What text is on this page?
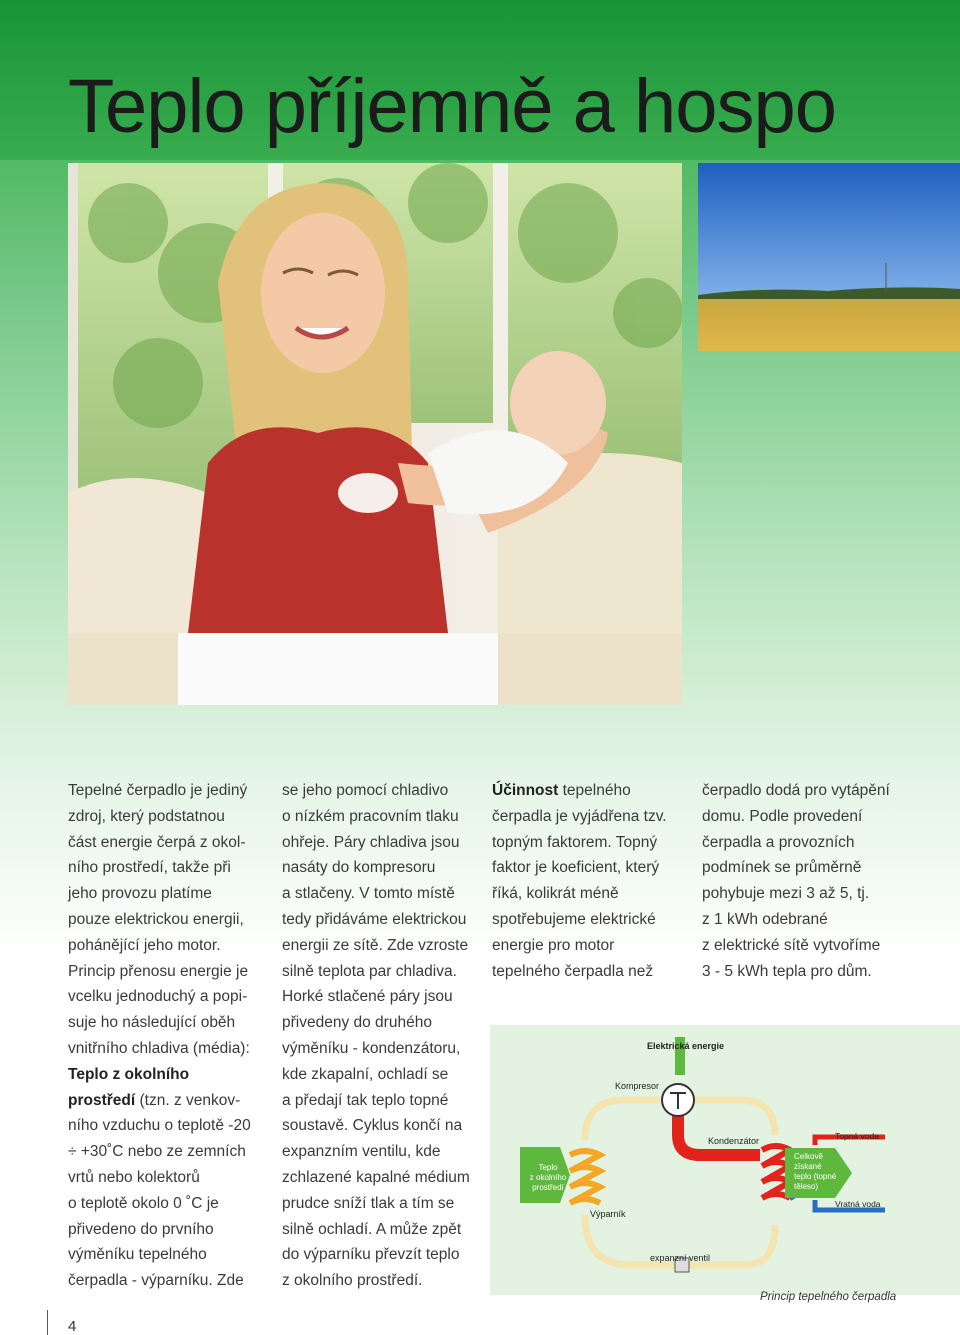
Teplo příjemně a hospo

Tepelné čerpadlo je jediný

zdroj, který podstatnou

část energie čerpá z okol-

ního prostředí, takže při

jeho provozu platíme

pouze elektrickou energii,

pohánějící jeho motor.

Princip přenosu energie je

vcelku jednoduchý a popi-

suje ho následující oběh

vnitřního chladiva (média):

Teplo z okolního

prostředí (tzn. z venkov-

ního vzduchu o teplotě -20

÷ +30˚C nebo ze zemních

vrtů nebo kolektorů

o teplotě okolo 0 ˚C je

přivedeno do prvního

výměníku tepelného

čerpadla - výparníku. Zde

se jeho pomocí chladivo

o nízkém pracovním tlaku

ohřeje. Páry chladiva jsou

nasáty do kompresoru

a stlačeny. V tomto místě

tedy přidáváme elektrickou

energii ze sítě. Zde vzroste

silně teplota par chladiva.

Horké stlačené páry jsou

přivedeny do druhého

výměníku - kondenzátoru,

kde zkapalní, ochladí se

a předají tak teplo topné

soustavě. Cyklus končí na

expanzním ventilu, kde

zchlazené kapalné médium

prudce sníží tlak a tím se

silně ochladí. A může zpět

do výparníku převzít teplo

z okolního prostředí.

Účinnost tepelného

čerpadla je vyjádřena tzv.

topným faktorem. Topný

faktor je koeficient, který

říká, kolikrát méně

spotřebujeme elektrické

energie pro motor

tepelného čerpadla než

čerpadlo dodá pro vytápění

domu. Podle provedení

čerpadla a provozních

podmínek se průměrně

pohybuje mezi 3 až 5, tj.

z 1 kWh odebrané

z elektrické sítě vytvoříme

3 - 5 kWh tepla pro dům.

Elektrická energie
Kompresor
Teplo
z okolního
prostředí
Výparník
Kondenzátor	Topná voda
Vratná voda
Celkově
získané
teplo (topné
těleso)
expanzní ventil
Princip tepelného čerpadla
4
